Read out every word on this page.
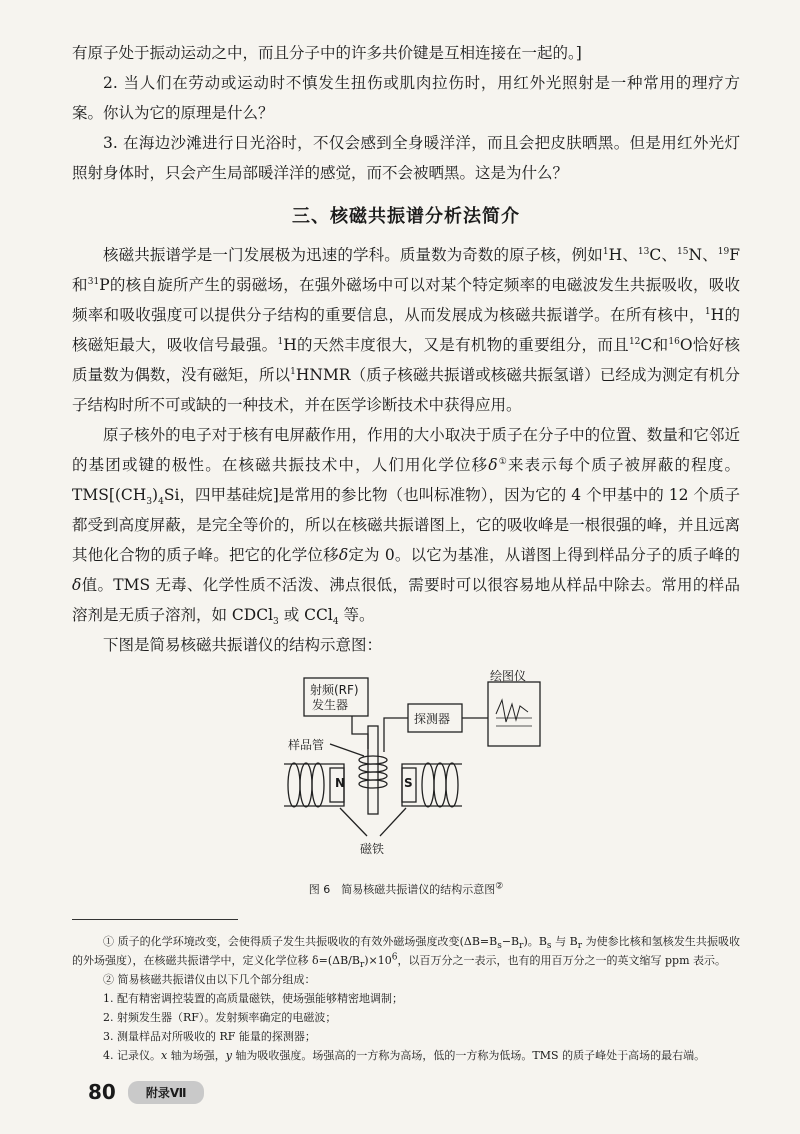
有原子处于振动运动之中，而且分子中的许多共价键是互相连接在一起的。]

2. 当人们在劳动或运动时不慎发生扭伤或肌肉拉伤时，用红外光照射是一种常用的理疗方案。你认为它的原理是什么？

3. 在海边沙滩进行日光浴时，不仅会感到全身暖洋洋，而且会把皮肤晒黑。但是用红外光灯照射身体时，只会产生局部暖洋洋的感觉，而不会被晒黑。这是为什么？

三、核磁共振谱分析法简介

核磁共振谱学是一门发展极为迅速的学科。质量数为奇数的原子核，例如$^1$H、$^{13}$C、$^{15}$N、$^{19}$F和$^{31}$P的核自旋所产生的弱磁场，在强外磁场中可以对某个特定频率的电磁波发生共振吸收，吸收频率和吸收强度可以提供分子结构的重要信息，从而发展成为核磁共振谱学。在所有核中，$^1$H的核磁矩最大，吸收信号最强。$^1$H的天然丰度很大，又是有机物的重要组分，而且$^{12}$C和$^{16}$O恰好核质量数为偶数，没有磁矩，所以$^1$HNMR（质子核磁共振谱或核磁共振氢谱）已经成为测定有机分子结构时所不可或缺的一种技术，并在医学诊断技术中获得应用。

原子核外的电子对于核有电屏蔽作用，作用的大小取决于质子在分子中的位置、数量和它邻近的基团或键的极性。在核磁共振技术中，人们用化学位移δ①来表示每个质子被屏蔽的程度。$TMS[(CH_3)_4Si$，四甲基硅烷]是常用的参比物（也叫标准物），因为它的 4 个甲基中的 12 个质子都受到高度屏蔽，是完全等价的，所以在核磁共振谱图上，它的吸收峰是一根很强的峰，并且远离其他化合物的质子峰。把它的化学位移δ定为 0。以它为基准，从谱图上得到样品分子的质子峰的δ值。TMS 无毒、化学性质不活泼、沸点很低，需要时可以很容易地从样品中除去。常用的样品溶剂是无质子溶剂，如 CDCl$_3$ 或 CCl$_4$ 等。

下图是简易核磁共振谱仪的结构示意图：

射频(RF)
发生器
探测器
绘图仪
样品管
N	S
磁铁
图 6　简易核磁共振谱仪的结构示意图②

① 质子的化学环境改变，会使得质子发生共振吸收的有效外磁场强度改变$(\Delta B=B_s-B_r)$。$B_s$ 与 $B_r$ 为使参比核和氢核发生共振吸收的外场强度），在核磁共振谱学中，定义化学位移 $\delta=(\Delta B/B_r)\times 10^6$，以百万分之一表示，也有的用百万分之一的英文缩写 ppm 表示。

② 简易核磁共振谱仪由以下几个部分组成：

1. 配有精密调控装置的高质量磁铁，使场强能够精密地调制；

2. 射频发生器（RF）。发射频率确定的电磁波；

3. 测量样品对所吸收的 RF 能量的探测器；

4. 记录仪。x 轴为场强，y 轴为吸收强度。场强高的一方称为高场，低的一方称为低场。TMS 的质子峰处于高场的最右端。

80	附录Ⅶ
